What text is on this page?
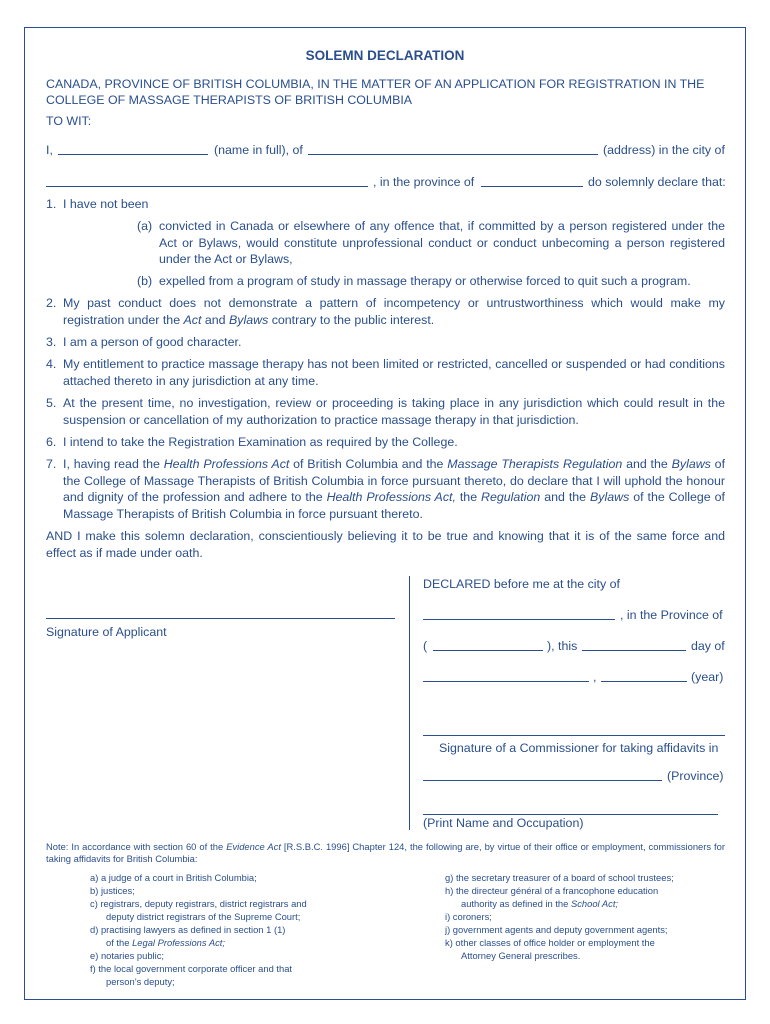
SOLEMN DECLARATION
CANADA, PROVINCE OF BRITISH COLUMBIA, IN THE MATTER OF AN APPLICATION FOR REGISTRATION IN THE
COLLEGE OF MASSAGE THERAPISTS OF BRITISH COLUMBIA
TO WIT:
I,	(name in full), of	(address) in the city of
, in the province of	do solemnly declare that:
1. I have not been
(a) convicted in Canada or elsewhere of any offence that, if committed by a person registered under the Act or Bylaws, would constitute unprofessional conduct or conduct unbecoming a person registered under the Act or Bylaws,
(b) expelled from a program of study in massage therapy or otherwise forced to quit such a program.
2. My past conduct does not demonstrate a pattern of incompetency or untrustworthiness which would make my registration under the Act and Bylaws contrary to the public interest.
3. I am a person of good character.
4. My entitlement to practice massage therapy has not been limited or restricted, cancelled or suspended or had conditions attached thereto in any jurisdiction at any time.
5. At the present time, no investigation, review or proceeding is taking place in any jurisdiction which could result in the suspension or cancellation of my authorization to practice massage therapy in that jurisdiction.
6. I intend to take the Registration Examination as required by the College.
7. I, having read the Health Professions Act of British Columbia and the Massage Therapists Regulation and the Bylaws of the College of Massage Therapists of British Columbia in force pursuant thereto, do declare that I will uphold the honour and dignity of the profession and adhere to the Health Professions Act, the Regulation and the Bylaws of the College of Massage Therapists of British Columbia in force pursuant thereto.
AND I make this solemn declaration, conscientiously believing it to be true and knowing that it is of the same force and effect as if made under oath.
Signature of Applicant
DECLARED before me at the city of
, in the Province of
(	), this	day of
,	(year)
Signature of a Commissioner for taking affidavits in
(Province)
(Print Name and Occupation)
Note: In accordance with section 60 of the Evidence Act [R.S.B.C. 1996] Chapter 124, the following are, by virtue of their office or employment, commissioners for taking affidavits for British Columbia:
a) a judge of a court in British Columbia;
b) justices;
c) registrars, deputy registrars, district registrars and
deputy district registrars of the Supreme Court;
d) practising lawyers as defined in section 1 (1)
of the Legal Professions Act;
e) notaries public;
f) the local government corporate officer and that
person’s deputy;
g) the secretary treasurer of a board of school trustees;
h) the directeur général of a francophone education
authority as defined in the School Act;
i) coroners;
j) government agents and deputy government agents;
k) other classes of office holder or employment the
Attorney General prescribes.
